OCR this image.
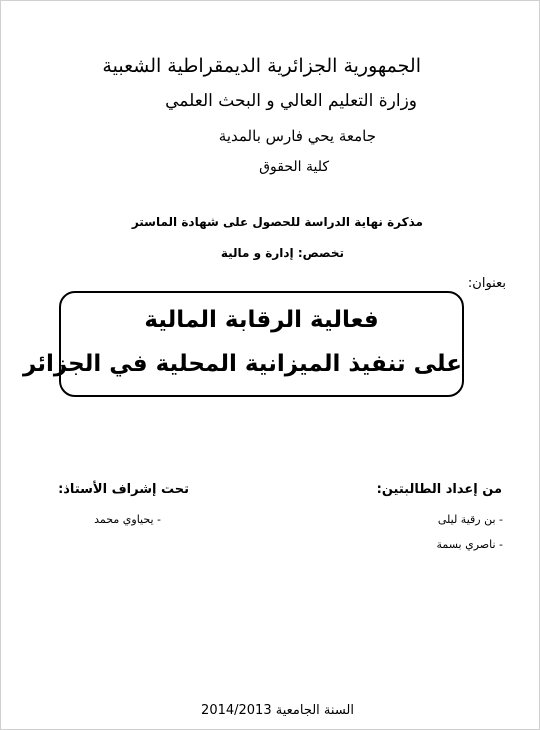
الجمهورية الجزائرية الديمقراطية الشعبية
وزارة التعليم العالي و البحث العلمي
جامعة يحي فارس بالمدية
كلية الحقوق
مذكرة نهاية الدراسة للحصول على شهادة الماستر
تخصص: إدارة و مالية
بعنوان:
فعالية الرقابة المالية
على تنفيذ الميزانية المحلية في الجزائر
من إعداد الطالبتين:
تحت إشراف الأستاذ:
- بن رقية ليلى
- ناصري بسمة
- يحياوي محمد
السنة الجامعية 2014/2013
